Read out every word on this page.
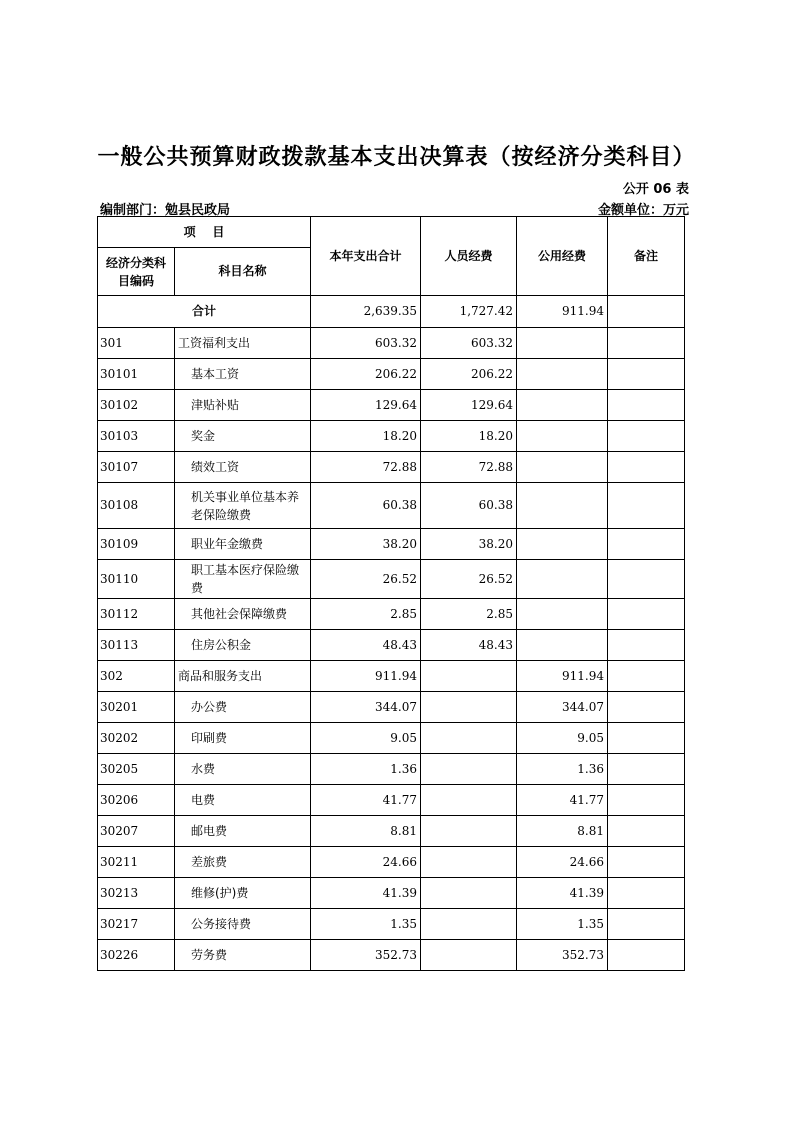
一般公共预算财政拨款基本支出决算表（按经济分类科目）
公开 06 表
编制部门：勉县民政局	金额单位：万元
项    目		本年支出合计	人员经费	公用经费	备注
经济分类科目编码	科目名称				
合计		2,639.35	1,727.42	911.94	
301	工资福利支出	603.32	603.32		
30101	基本工资	206.22	206.22		
30102	津贴补贴	129.64	129.64		
30103	奖金	18.20	18.20		
30107	绩效工资	72.88	72.88		
30108	机关事业单位基本养老保险缴费	60.38	60.38		
30109	职业年金缴费	38.20	38.20		
30110	职工基本医疗保险缴费	26.52	26.52		
30112	其他社会保障缴费	2.85	2.85		
30113	住房公积金	48.43	48.43		
302	商品和服务支出	911.94		911.94	
30201	办公费	344.07		344.07	
30202	印刷费	9.05		9.05	
30205	水费	1.36		1.36	
30206	电费	41.77		41.77	
30207	邮电费	8.81		8.81	
30211	差旅费	24.66		24.66	
30213	维修(护)费	41.39		41.39	
30217	公务接待费	1.35		1.35	
30226	劳务费	352.73		352.73	
